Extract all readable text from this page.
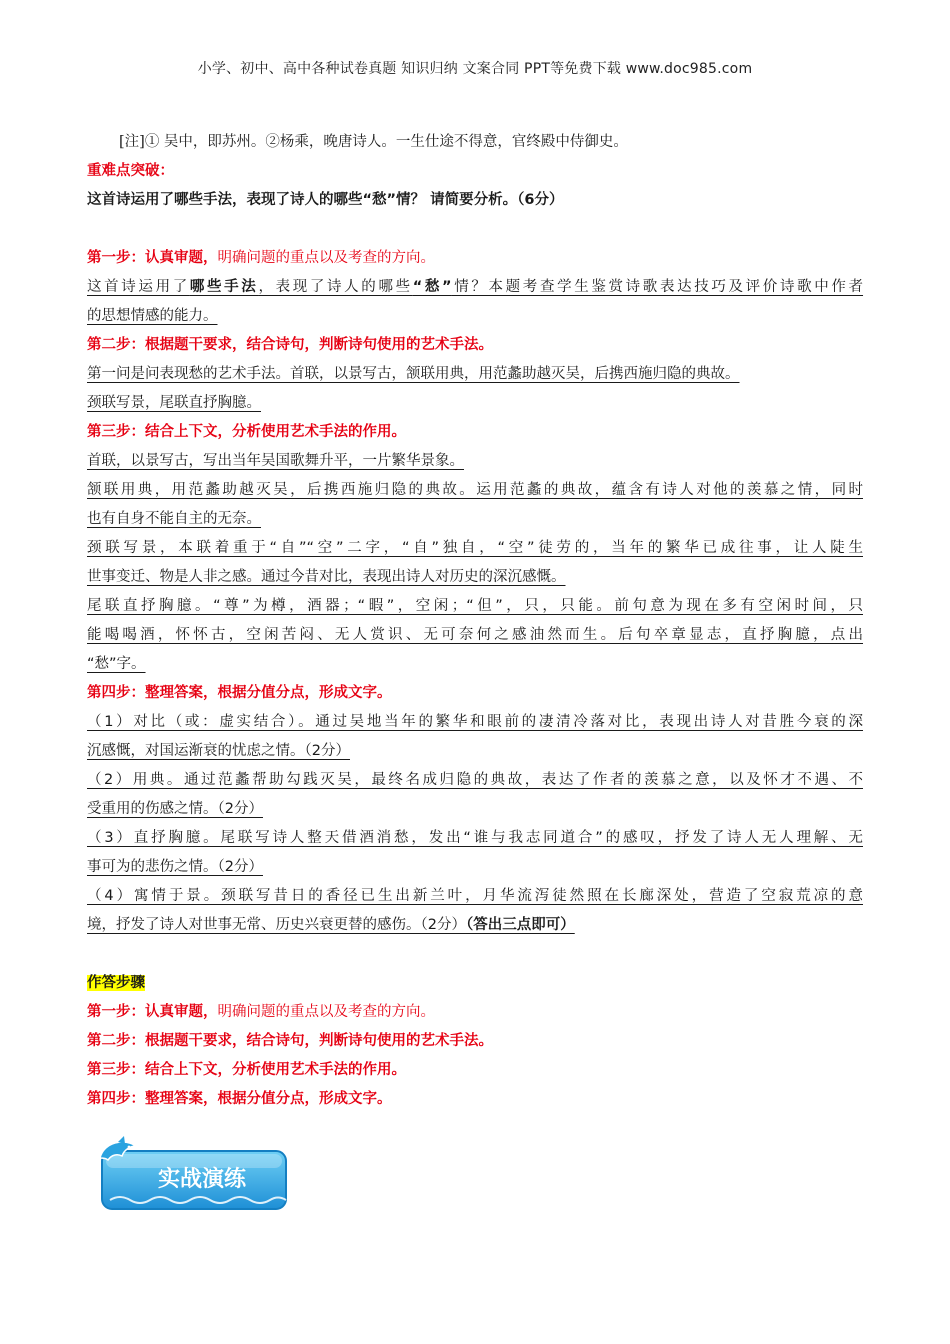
小学、初中、高中各种试卷真题 知识归纳 文案合同 PPT等免费下载 www.doc985.com
[注]① 吴中，即苏州。②杨乘，晚唐诗人。一生仕途不得意，官终殿中侍御史。
重难点突破：
这首诗运用了哪些手法，表现了诗人的哪些“愁”情？ 请简要分析。（6分）
第一步：认真审题，明确问题的重点以及考查的方向。
这首诗运用了哪些手法，表现了诗人的哪些“愁”情？本题考查学生鉴赏诗歌表达技巧及评价诗歌中作者
的思想情感的能力。
第二步：根据题干要求，结合诗句，判断诗句使用的艺术手法。
第一问是问表现愁的艺术手法。首联，以景写古，颔联用典，用范蠡助越灭吴，后携西施归隐的典故。
颈联写景，尾联直抒胸臆。
第三步：结合上下文，分析使用艺术手法的作用。
首联，以景写古，写出当年吴国歌舞升平，一片繁华景象。
颔联用典，用范蠡助越灭吴，后携西施归隐的典故。运用范蠡的典故，蕴含有诗人对他的羡慕之情，同时
也有自身不能自主的无奈。
颈联写景，本联着重于“自”“空”二字，“自”独自，“空”徒劳的，当年的繁华已成往事，让人陡生
世事变迁、物是人非之感。通过今昔对比，表现出诗人对历史的深沉感慨。
尾联直抒胸臆。“尊”为樽，酒器；“暇”，空闲；“但”，只，只能。前句意为现在多有空闲时间，只
能喝喝酒，怀怀古，空闲苦闷、无人赏识、无可奈何之感油然而生。后句卒章显志，直抒胸臆，点出
“愁”字。
第四步：整理答案，根据分值分点，形成文字。
（1）对比（或：虚实结合）。通过吴地当年的繁华和眼前的凄清冷落对比，表现出诗人对昔胜今衰的深
沉感慨，对国运渐衰的忧虑之情。（2分）
（2）用典。通过范蠡帮助勾践灭吴，最终名成归隐的典故，表达了作者的羡慕之意，以及怀才不遇、不
受重用的伤感之情。（2分）
（3）直抒胸臆。尾联写诗人整天借酒消愁，发出“谁与我志同道合”的感叹，抒发了诗人无人理解、无
事可为的悲伤之情。（2分）
（4）寓情于景。颈联写昔日的香径已生出新兰叶，月华流泻徒然照在长廊深处，营造了空寂荒凉的意
境，抒发了诗人对世事无常、历史兴衰更替的感伤。（2分）（答出三点即可）
作答步骤
第一步：认真审题，明确问题的重点以及考查的方向。
第二步：根据题干要求，结合诗句，判断诗句使用的艺术手法。
第三步：结合上下文，分析使用艺术手法的作用。
第四步：整理答案，根据分值分点，形成文字。
实战演练
